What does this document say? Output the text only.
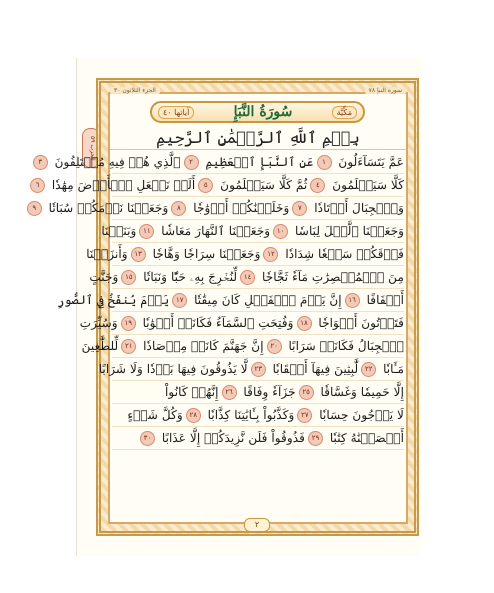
الحزب ٥٩
سورة النبإ ٧٨
الجزء الثلاثون ٣٠
مَكِّيَّة
سُورَةُ النَّبَإِ
آياتها ٤٠
بِسۡمِ ٱللَّهِ ٱلرَّحۡمَٰنِ ٱلرَّحِيمِ
عَمَّ يَتَسَآءَلُونَ ١عَنِ ٱلنَّبَإِ ٱلۡعَظِيمِ ٢ٱلَّذِي هُمۡ فِيهِ مُخۡتَلِفُونَ ٣
كَلَّا سَيَعۡلَمُونَ ٤ثُمَّ كَلَّا سَيَعۡلَمُونَ ٥أَلَمۡ نَجۡعَلِ ٱلۡأَرۡضَ مِهَٰدٗا ٦
وَٱلۡجِبَالَ أَوۡتَادٗا ٧وَخَلَقۡنَٰكُمۡ أَزۡوَٰجٗا ٨وَجَعَلۡنَا نَوۡمَكُمۡ سُبَاتٗا ٩
وَجَعَلۡنَا ٱلَّيۡلَ لِبَاسٗا ١٠وَجَعَلۡنَا ٱلنَّهَارَ مَعَاشٗا ١١وَبَنَيۡنَا
فَوۡقَكُمۡ سَبۡعٗا شِدَادٗا ١٢وَجَعَلۡنَا سِرَاجٗا وَهَّاجٗا ١٣وَأَنزَلۡنَا
مِنَ ٱلۡمُعۡصِرَٰتِ مَآءٗ ثَجَّاجٗا ١٤لِّنُخۡرِجَ بِهِۦ حَبّٗا وَنَبَاتٗا ١٥وَجَنَّٰتٍ
أَلۡفَافًا ١٦إِنَّ يَوۡمَ ٱلۡفَصۡلِ كَانَ مِيقَٰتٗا ١٧يَوۡمَ يُنفَخُ فِي ٱلصُّورِ
فَتَأۡتُونَ أَفۡوَاجٗا ١٨وَفُتِحَتِ ٱلسَّمَآءُ فَكَانَتۡ أَبۡوَٰبٗا ١٩وَسُيِّرَتِ
ٱلۡجِبَالُ فَكَانَتۡ سَرَابًا ٢٠إِنَّ جَهَنَّمَ كَانَتۡ مِرۡصَادٗا ٢١لِّلطَّٰغِينَ
مَـَٔابٗا ٢٢لَّٰبِثِينَ فِيهَآ أَحۡقَابٗا ٢٣لَّا يَذُوقُونَ فِيهَا بَرۡدٗا وَلَا شَرَابًا
إِلَّا حَمِيمٗا وَغَسَّاقٗا ٢٥جَزَآءٗ وِفَاقًا ٢٦إِنَّهُمۡ كَانُواْ
لَا يَرۡجُونَ حِسَابٗا ٢٧وَكَذَّبُواْ بِـَٔايَٰتِنَا كِذَّابٗا ٢٨وَكُلَّ شَيۡءٍ
أَحۡصَيۡنَٰهُ كِتَٰبٗا ٢٩فَذُوقُواْ فَلَن نَّزِيدَكُمۡ إِلَّا عَذَابًا ٣٠
٢
